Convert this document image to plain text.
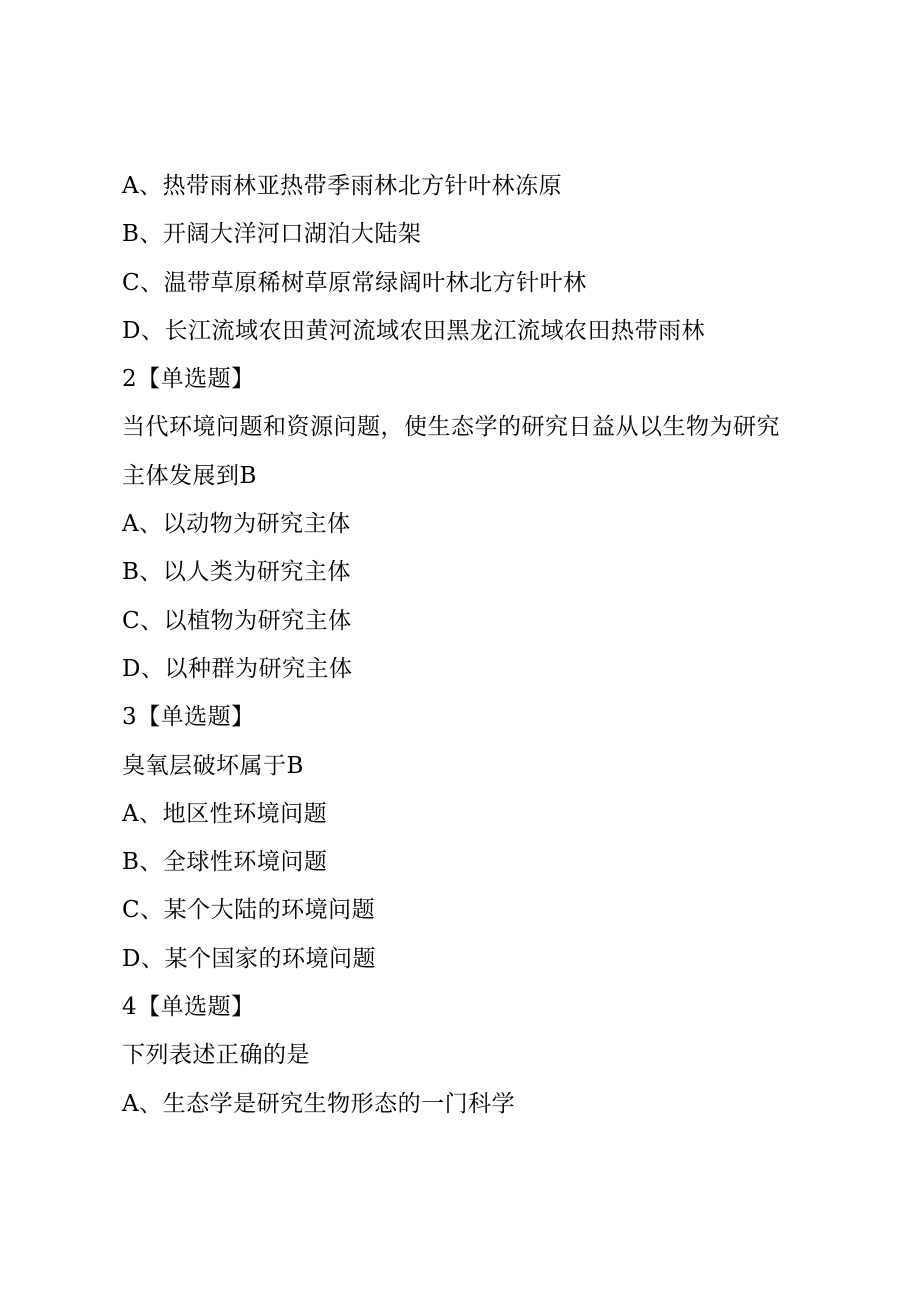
A、热带雨林亚热带季雨林北方针叶林冻原
B、开阔大洋河口湖泊大陆架
C、温带草原稀树草原常绿阔叶林北方针叶林
D、长江流域农田黄河流域农田黑龙江流域农田热带雨林
2【单选题】
当代环境问题和资源问题，使生态学的研究日益从以生物为研究
主体发展到B
A、以动物为研究主体
B、以人类为研究主体
C、以植物为研究主体
D、以种群为研究主体
3【单选题】
臭氧层破坏属于B
A、地区性环境问题
B、全球性环境问题
C、某个大陆的环境问题
D、某个国家的环境问题
4【单选题】
下列表述正确的是
A、生态学是研究生物形态的一门科学
